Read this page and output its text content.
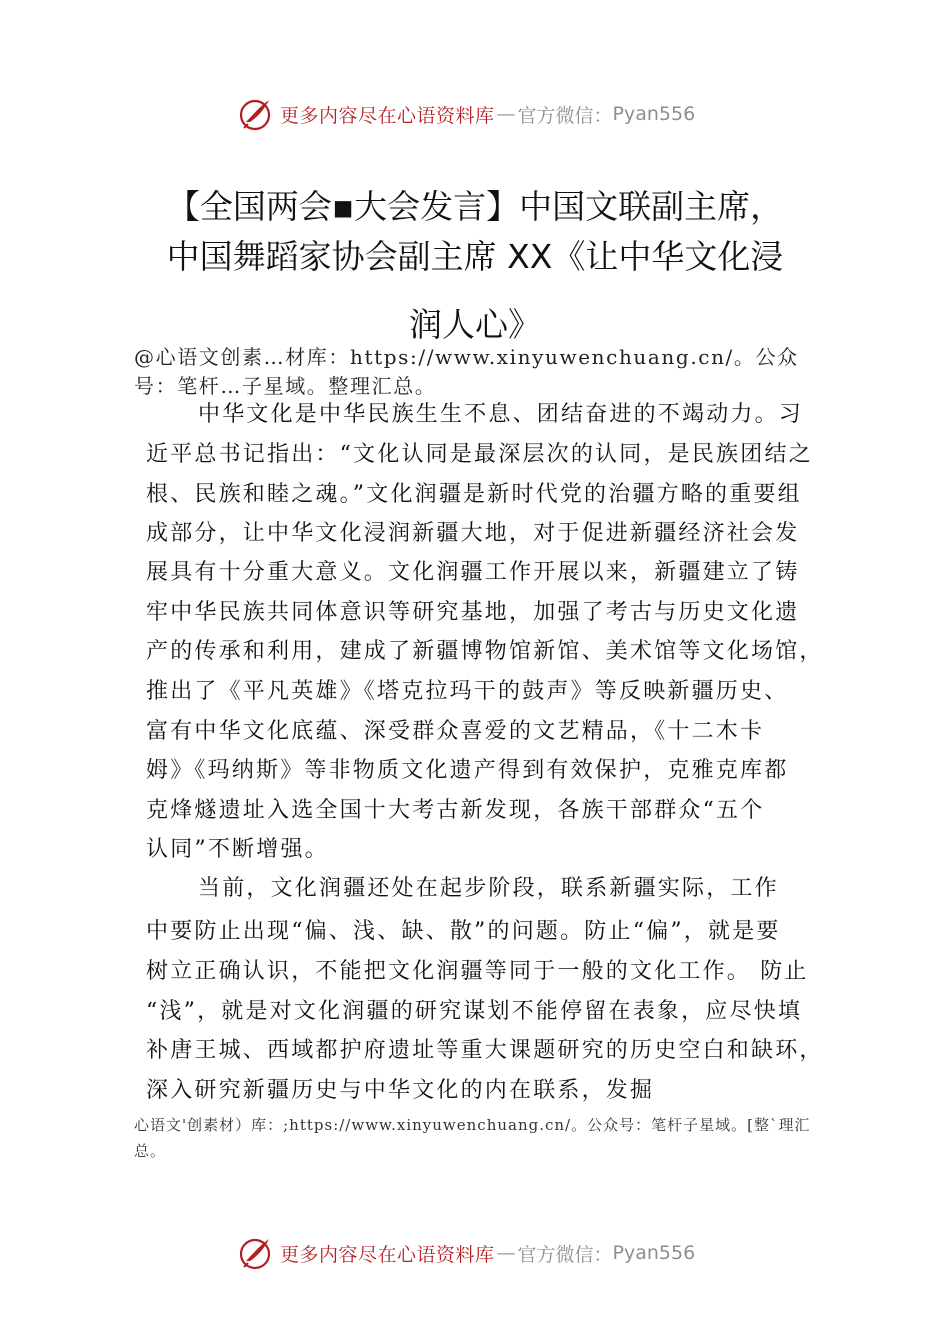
更多内容尽在心语资料库 — 官方微信： Pyan556
【全国两会▪大会发言】中国文联副主席，
中国舞蹈家协会副主席 XX《让中华文化浸
润人心》
@心语文创素…材库：https://www.xinyuwenchuang.cn/。公众
号：笔杆…子星域。整理汇总。
中华文化是中华民族生生不息、团结奋进的不竭动力。习
近平总书记指出：“文化认同是最深层次的认同，是民族团结之
根、民族和睦之魂。”文化润疆是新时代党的治疆方略的重要组
成部分，让中华文化浸润新疆大地，对于促进新疆经济社会发
展具有十分重大意义。文化润疆工作开展以来，新疆建立了铸
牢中华民族共同体意识等研究基地，加强了考古与历史文化遗
产的传承和利用，建成了新疆博物馆新馆、美术馆等文化场馆，
推出了《平凡英雄》《塔克拉玛干的鼓声》等反映新疆历史、
富有中华文化底蕴、深受群众喜爱的文艺精品，《十二木卡
姆》《玛纳斯》等非物质文化遗产得到有效保护，克雅克库都
克烽燧遗址入选全国十大考古新发现，各族干部群众“五个
认同”不断增强。
当前，文化润疆还处在起步阶段，联系新疆实际，工作
中要防止出现“偏、浅、缺、散”的问题。防止“偏”，就是要
树立正确认识，不能把文化润疆等同于一般的文化工作。 防止
“浅”，就是对文化润疆的研究谋划不能停留在表象，应尽快填
补唐王城、西域都护府遗址等重大课题研究的历史空白和缺环，
深入研究新疆历史与中华文化的内在联系，发掘
心语文'创素材）库：;https://www.xinyuwenchuang.cn/。公众号：笔杆子星域。[整`理汇
总。
更多内容尽在心语资料库 — 官方微信： Pyan556
